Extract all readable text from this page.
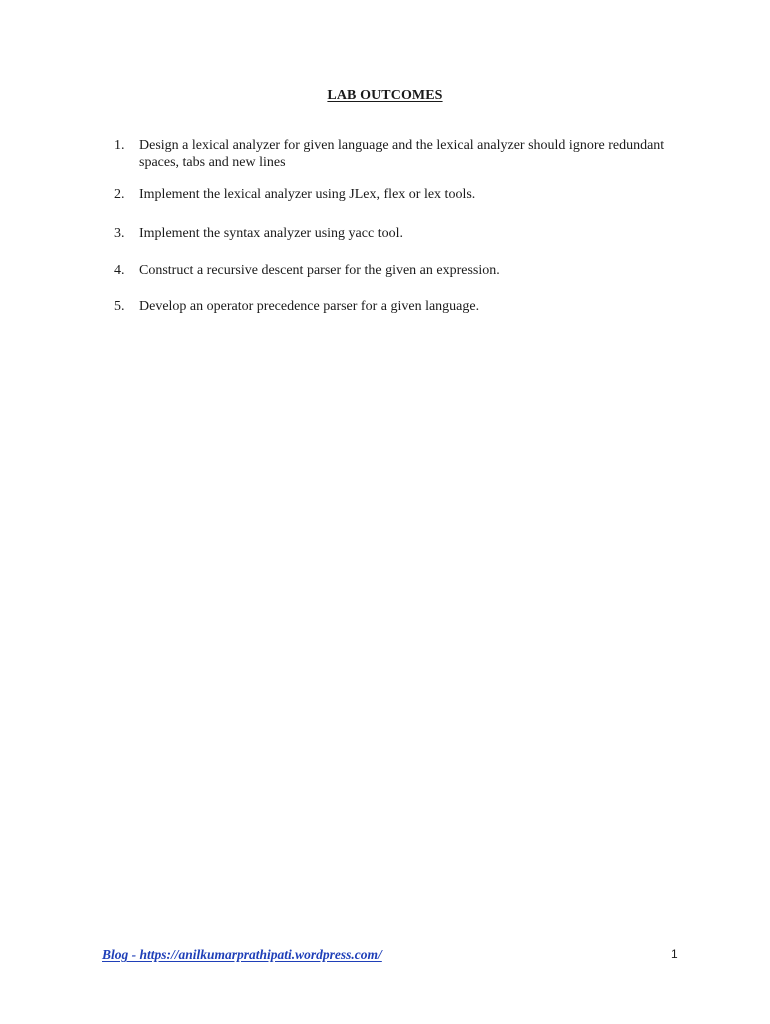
LAB OUTCOMES
1. Design a lexical analyzer for given language and the lexical analyzer should ignore redundant spaces, tabs and new lines
2. Implement the lexical analyzer using JLex, flex or lex tools.
3. Implement the syntax analyzer using yacc tool.
4. Construct a recursive descent parser for the given an expression.
5. Develop an operator precedence parser for a given language.
Blog - https://anilkumarprathipati.wordpress.com/	1
